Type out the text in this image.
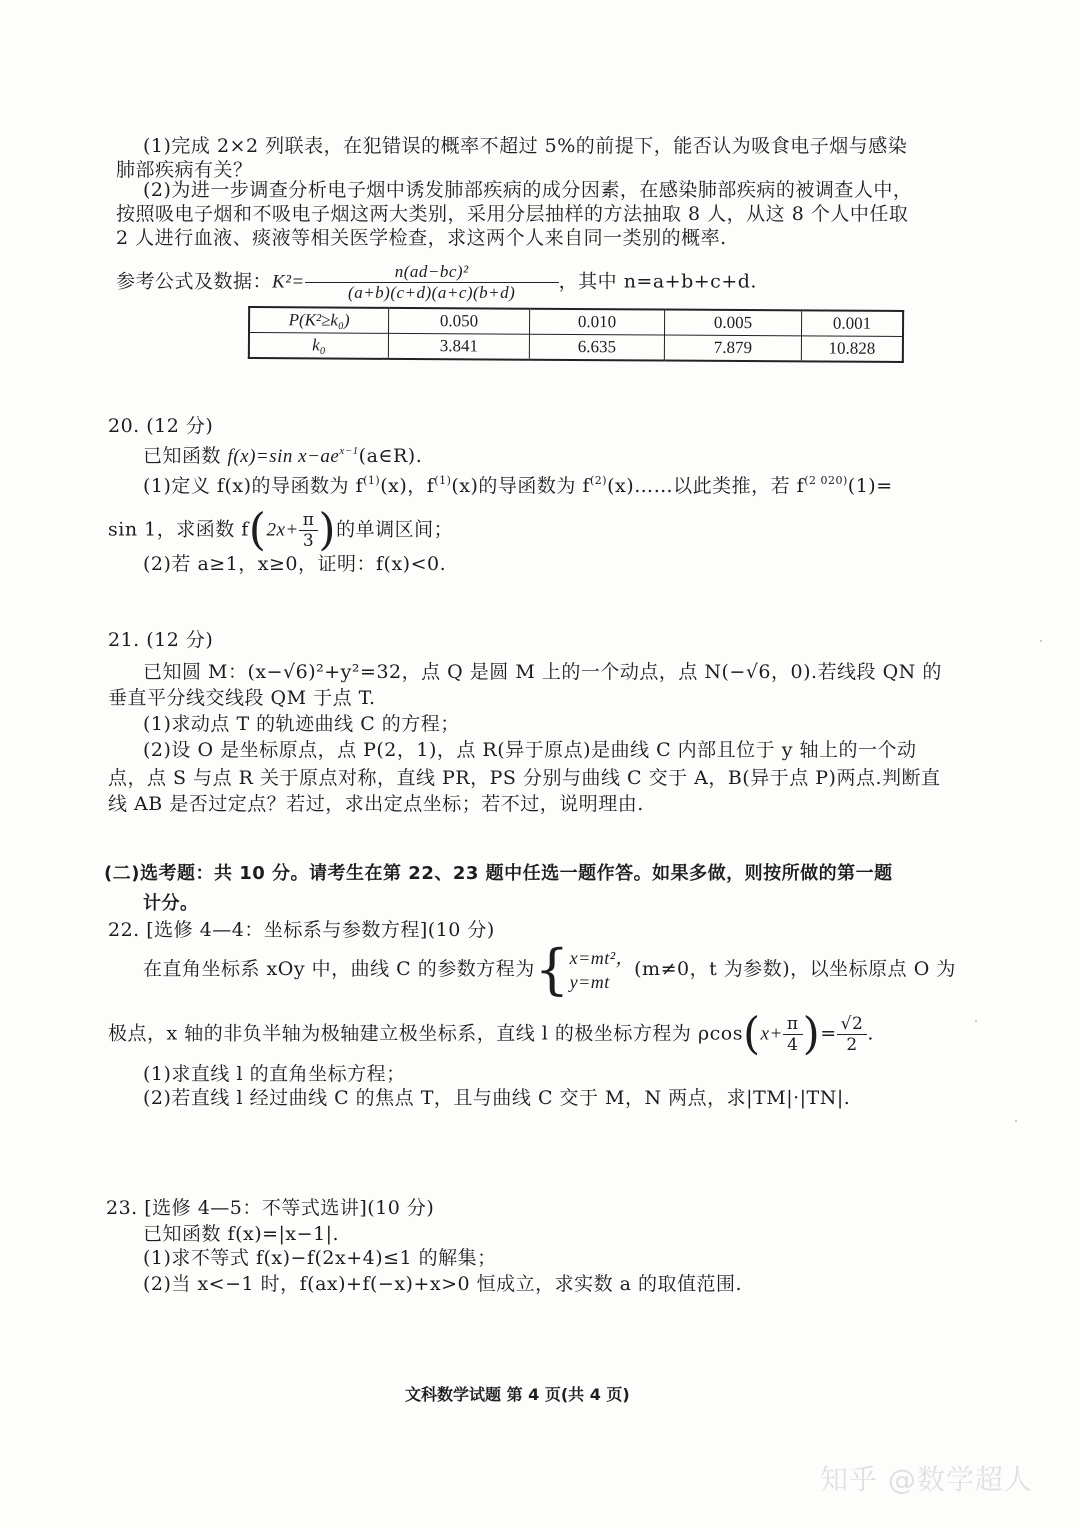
(1)完成 2×2 列联表，在犯错误的概率不超过 5%的前提下，能否认为吸食电子烟与感染
肺部疾病有关？
(2)为进一步调查分析电子烟中诱发肺部疾病的成分因素，在感染肺部疾病的被调查人中，
按照吸电子烟和不吸电子烟这两大类别，采用分层抽样的方法抽取 8 人，从这 8 个人中任取
2 人进行血液、痰液等相关医学检查，求这两个人来自同一类别的概率.
参考公式及数据：$K^2= \frac{\text{n(ad−bc)²}}{(a+b)(c+d)(a+c)(b+d)}$ ，其中 n=a+b+c+d.
P(K²≥k₀)	0.050	0.010	0.005	0.001
k₀	3.841	6.635	7.879	10.828
20. (12 分)
已知函数 f(x)=sin $x-ae^{x-1}(a\in R)$.
(1)定义 f(x)的导函数为 $f^{(1)}(x)$，$f^{(1)}(x)$的导函数为 $f^{(2)}(x)\dots\dots$以此类推，若 $f^{(2 020)}(1)=$
sin 1，求函数 $f(2x+ \frac{\pi}{3}$ )的单调区间；
(2)若 a≥1，x≥0，证明：f(x)<0.
21. (12 分)
已知圆 M：(x−√6)²+y²=32，点 Q 是圆 M 上的一个动点，点 N(−√6，0).若线段 QN 的
垂直平分线交线段 QM 于点 T.
(1)求动点 T 的轨迹曲线 C 的方程；
(2)设 O 是坐标原点，点 P(2，1)，点 R(异于原点)是曲线 C 内部且位于 y 轴上的一个动
点，点 S 与点 R 关于原点对称，直线 PR，PS 分别与曲线 C 交于 A，B(异于点 P)两点.判断直
线 AB 是否过定点？若过，求出定点坐标；若不过，说明理由.
(二)选考题：共 10 分。请考生在第 22、23 题中任选一题作答。如果多做，则按所做的第一题
计分。
22. [选修 4—4：坐标系与参数方程](10 分)
在直角坐标系 xOy 中，曲线 C 的参数方程为{ x=mt²，
y=mt
(m≠0，t 为参数)，以坐标原点 O 为
极点，x 轴的非负半轴为极轴建立极坐标系，直线 l 的极坐标方程为 $\rho\cos(x+ \frac{\pi}{4}$ )= $\frac{√2}{2}$ .
(1)求直线 l 的直角坐标方程；
(2)若直线 l 经过曲线 C 的焦点 T，且与曲线 C 交于 M，N 两点，求|TM|·|TN|.
23. [选修 4—5：不等式选讲](10 分)
已知函数 f(x)=|x−1|.
(1)求不等式 f(x)−f(2x+4)≤1 的解集；
(2)当 x<−1 时，f(ax)+f(−x)+x>0 恒成立，求实数 a 的取值范围.
文科数学试题 第 4 页(共 4 页)
知乎 @数学超人
